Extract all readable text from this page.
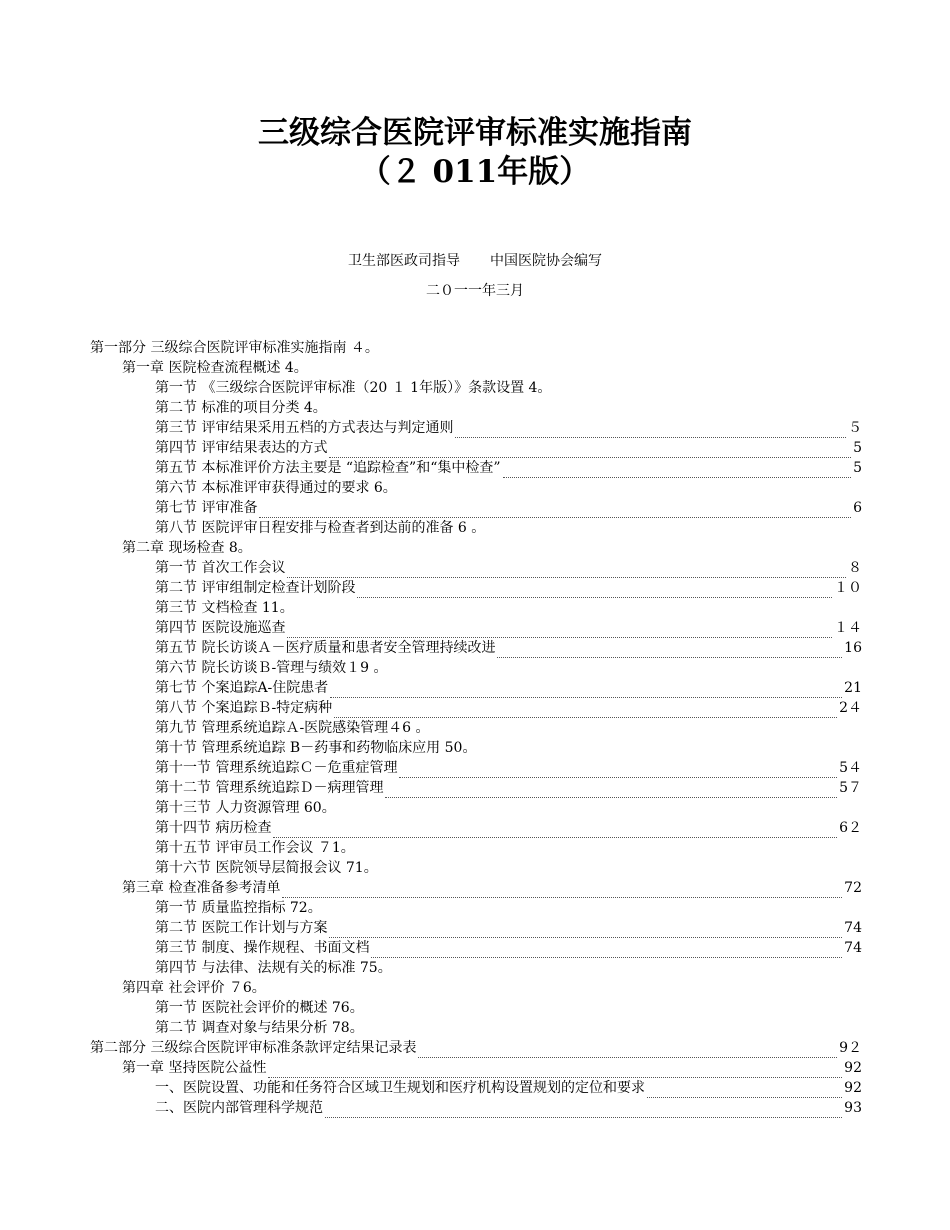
三级综合医院评审标准实施指南
（２ 011年版）
卫生部医政司指导 中国医院协会编写
二０一一年三月
第一部分 三级综合医院评审标准实施指南 ４。
第一章 医院检查流程概述 4。
第一节 《三级综合医院评审标准（20 １ 1年版）》条款设置 4。
第二节 标准的项目分类 4。
第三节 评审结果采用五档的方式表达与判定通则	５
第四节 评审结果表达的方式	5
第五节 本标准评价方法主要是 “追踪检查”和“集中检查”	5
第六节 本标准评审获得通过的要求 6。
第七节 评审准备	6
第八节 医院评审日程安排与检查者到达前的准备 6 。
第二章 现场检查 8。
第一节 首次工作会议	８
第二节 评审组制定检查计划阶段	１０
第三节 文档检查 11。
第四节 医院设施巡查	１４
第五节 院长访谈Ａ－医疗质量和患者安全管理持续改进	16
第六节 院长访谈Ｂ-管理与绩效１9 。
第七节 个案追踪A-住院患者	21
第八节 个案追踪Ｂ-特定病种	2４
第九节 管理系统追踪Ａ-医院感染管理４6 。
第十节 管理系统追踪 B－药事和药物临床应用 50。
第十一节 管理系统追踪Ｃ－危重症管理	5４
第十二节 管理系统追踪Ｄ－病理管理	5７
第十三节 人力资源管理 60。
第十四节 病历检查	6２
第十五节 评审员工作会议 ７1。
第十六节 医院领导层简报会议 71。
第三章 检查准备参考清单	72
第一节 质量监控指标 72。
第二节 医院工作计划与方案	74
第三节 制度、操作规程、书面文档	74
第四节 与法律、法规有关的标准 75。
第四章 社会评价 ７6。
第一节 医院社会评价的概述 76。
第二节 调查对象与结果分析 78。
第二部分 三级综合医院评审标准条款评定结果记录表	9２
第一章 坚持医院公益性	92
一、医院设置、功能和任务符合区域卫生规划和医疗机构设置规划的定位和要求	92
二、医院内部管理科学规范	93
